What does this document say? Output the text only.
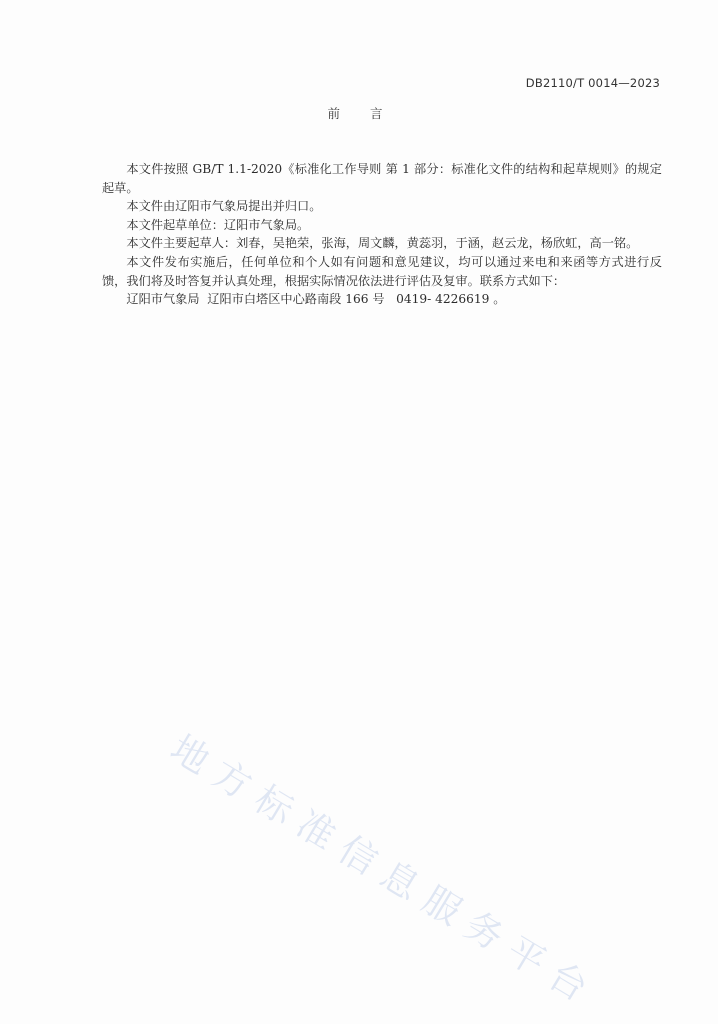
DB2110/T 0014—2023
前言

本文件按照 GB/T 1.1-2020《标准化工作导则 第 1 部分：标准化文件的结构和起草规则》的规定起草。

本文件由辽阳市气象局提出并归口。

本文件起草单位：辽阳市气象局。

本文件主要起草人：刘春，吴艳荣，张海，周文麟，黄蕊羽，于涵，赵云龙，杨欣虹，高一铭。

本文件发布实施后，任何单位和个人如有问题和意见建议，均可以通过来电和来函等方式进行反馈，我们将及时答复并认真处理，根据实际情况依法进行评估及复审。联系方式如下：

辽阳市气象局  辽阳市白塔区中心路南段 166 号   0419- 4226619 。

地方标准信息服务平台
